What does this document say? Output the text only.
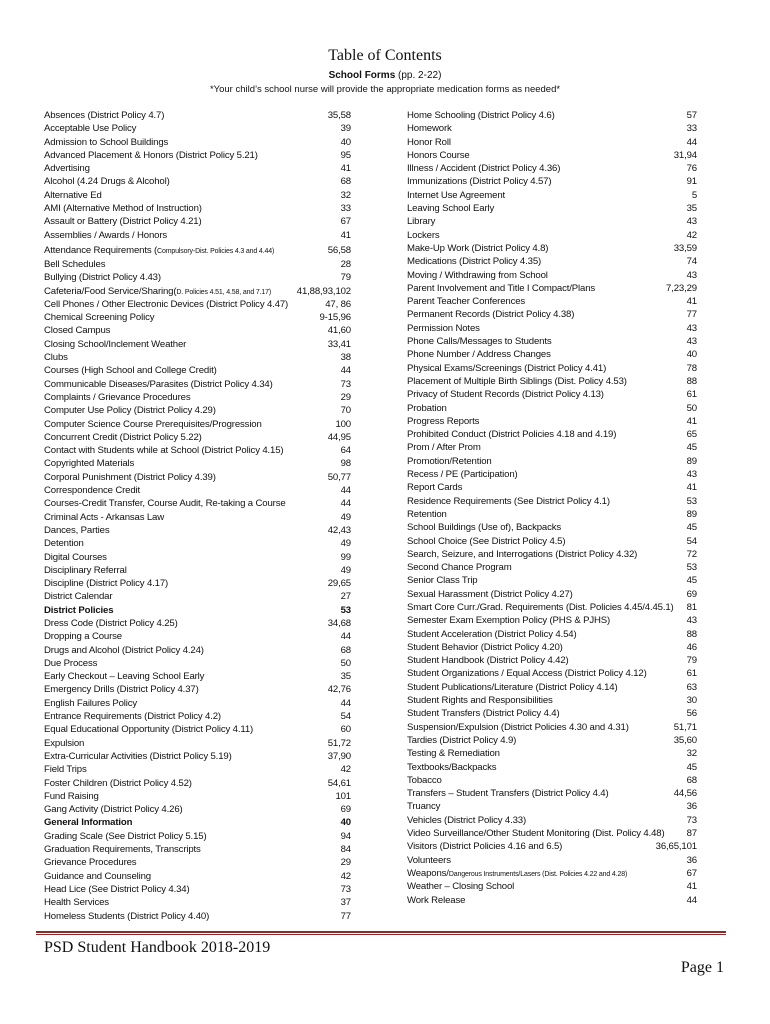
Table of Contents
School Forms (pp. 2-22)
*Your child’s school nurse will provide the appropriate medication forms as needed*
Absences (District Policy 4.7)	35,58
Acceptable Use Policy	39
Admission to School Buildings	40
Advanced Placement & Honors (District Policy 5.21)	95
Advertising	41
Alcohol (4.24 Drugs & Alcohol)	68
Alternative Ed	32
AMI (Alternative Method of Instruction)	33
Assault or Battery (District Policy 4.21)	67
Assemblies / Awards / Honors	41
Attendance Requirements (Compulsory-Dist. Policies 4.3 and 4.44)	56,58
Bell Schedules	28
Bullying (District Policy 4.43)	79
Cafeteria/Food Service/Sharing(D. Policies 4.51, 4.58, and 7.17)	41,88,93,102
Cell Phones / Other Electronic Devices (District Policy 4.47)	47, 86
Chemical Screening Policy	9-15,96
Closed Campus	41,60
Closing School/Inclement Weather	33,41
Clubs	38
Courses (High School and College Credit)	44
Communicable Diseases/Parasites (District Policy 4.34)	73
Complaints / Grievance Procedures	29
Computer Use Policy (District Policy 4.29)	70
Computer Science Course Prerequisites/Progression	100
Concurrent Credit (District Policy 5.22)	44,95
Contact with Students while at School (District Policy 4.15)	64
Copyrighted Materials	98
Corporal Punishment (District Policy 4.39)	50,77
Correspondence Credit	44
Courses-Credit Transfer, Course Audit, Re-taking a Course	44
Criminal Acts - Arkansas Law	49
Dances, Parties	42,43
Detention	49
Digital Courses	99
Disciplinary Referral	49
Discipline (District Policy 4.17)	29,65
District Calendar	27
District Policies	53
Dress Code (District Policy 4.25)	34,68
Dropping a Course	44
Drugs and Alcohol (District Policy 4.24)	68
Due Process	50
Early Checkout – Leaving School Early	35
Emergency Drills (District Policy 4.37)	42,76
English Failures Policy	44
Entrance Requirements (District Policy 4.2)	54
Equal Educational Opportunity (District Policy 4.11)	60
Expulsion	51,72
Extra-Curricular Activities (District Policy 5.19)	37,90
Field Trips	42
Foster Children (District Policy 4.52)	54,61
Fund Raising	101
Gang Activity (District Policy 4.26)	69
General Information	40
Grading Scale (See District Policy 5.15)	94
Graduation Requirements, Transcripts	84
Grievance Procedures	29
Guidance and Counseling	42
Head Lice (See District Policy 4.34)	73
Health Services	37
Homeless Students (District Policy 4.40)	77
Home Schooling (District Policy 4.6)	57
Homework	33
Honor Roll	44
Honors Course	31,94
Illness / Accident (District Policy 4.36)	76
Immunizations (District Policy 4.57)	91
Internet Use Agreement	5
Leaving School Early	35
Library	43
Lockers	42
Make-Up Work (District Policy 4.8)	33,59
Medications (District Policy 4.35)	74
Moving / Withdrawing from School	43
Parent Involvement and Title I Compact/Plans	7,23,29
Parent Teacher Conferences	41
Permanent Records (District Policy 4.38)	77
Permission Notes	43
Phone Calls/Messages to Students	43
Phone Number / Address Changes	40
Physical Exams/Screenings (District Policy 4.41)	78
Placement of Multiple Birth Siblings (Dist. Policy 4.53)	88
Privacy of Student Records (District Policy 4.13)	61
Probation	50
Progress Reports	41
Prohibited Conduct (District Policies 4.18 and 4.19)	65
Prom / After Prom	45
Promotion/Retention	89
Recess / PE (Participation)	43
Report Cards	41
Residence Requirements (See District Policy 4.1)	53
Retention	89
School Buildings (Use of), Backpacks	45
School Choice (See District Policy 4.5)	54
Search, Seizure, and Interrogations (District Policy 4.32)	72
Second Chance Program	53
Senior Class Trip	45
Sexual Harassment (District Policy 4.27)	69
Smart Core Curr./Grad. Requirements (Dist. Policies 4.45/4.45.1) 81
Semester Exam Exemption Policy (PHS & PJHS)	43
Student Acceleration (District Policy 4.54)	88
Student Behavior (District Policy 4.20)	46
Student Handbook (District Policy 4.42)	79
Student Organizations / Equal Access (District Policy 4.12)	61
Student Publications/Literature (District Policy 4.14)	63
Student Rights and Responsibilities	30
Student Transfers (District Policy 4.4)	56
Suspension/Expulsion (District Policies 4.30 and 4.31)	51,71
Tardies (District Policy 4.9)	35,60
Testing & Remediation	32
Textbooks/Backpacks	45
Tobacco	68
Transfers – Student Transfers (District Policy 4.4)	44,56
Truancy	36
Vehicles (District Policy 4.33)	73
Video Surveillance/Other Student Monitoring (Dist. Policy 4.48) 87
Visitors (District Policies 4.16 and 6.5)	36,65,101
Volunteers	36
Weapons/Dangerous Instruments/Lasers (Dist. Policies 4.22 and 4.28)	67
Weather – Closing School	41
Work Release	44
PSD Student Handbook 2018-2019
Page 1
